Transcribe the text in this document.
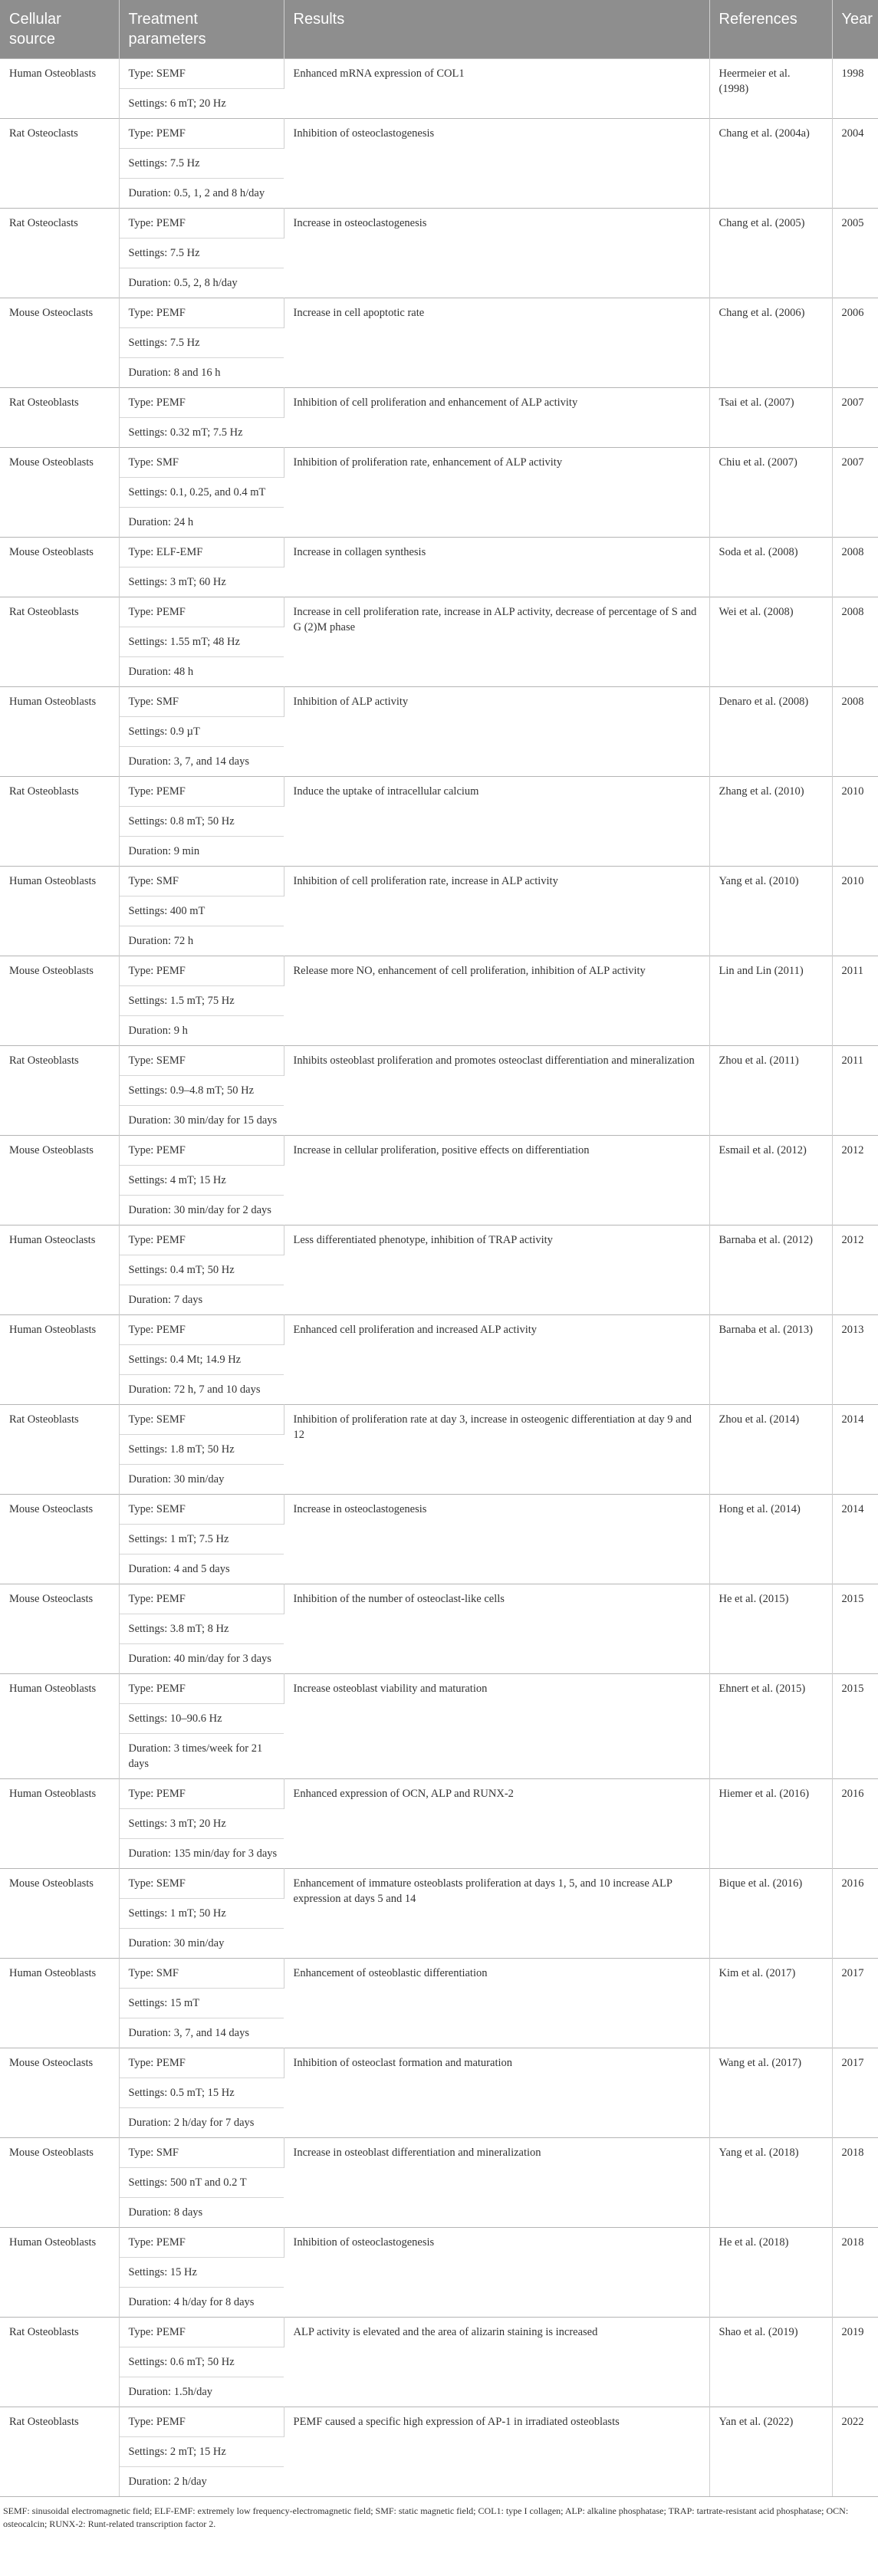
Cellular source	Treatment parameters	Results	References	Year
Human Osteoblasts	Type: SEMF	Enhanced mRNA expression of COL1	Heermeier et al. (1998)	1998
	Settings: 6 mT; 20 Hz			
Rat Osteoclasts	Type: PEMF	Inhibition of osteoclastogenesis	Chang et al. (2004a)	2004
	Settings: 7.5 Hz			
	Duration: 0.5, 1, 2 and 8 h/day			
Rat Osteoclasts	Type: PEMF	Increase in osteoclastogenesis	Chang et al. (2005)	2005
	Settings: 7.5 Hz			
	Duration: 0.5, 2, 8 h/day			
Mouse Osteoclasts	Type: PEMF	Increase in cell apoptotic rate	Chang et al. (2006)	2006
	Settings: 7.5 Hz			
	Duration: 8 and 16 h			
Rat Osteoblasts	Type: PEMF	Inhibition of cell proliferation and enhancement of ALP activity	Tsai et al. (2007)	2007
	Settings: 0.32 mT; 7.5 Hz			
Mouse Osteoblasts	Type: SMF	Inhibition of proliferation rate, enhancement of ALP activity	Chiu et al. (2007)	2007
	Settings: 0.1, 0.25, and 0.4 mT			
	Duration: 24 h			
Mouse Osteoblasts	Type: ELF-EMF	Increase in collagen synthesis	Soda et al. (2008)	2008
	Settings: 3 mT; 60 Hz			
Rat Osteoblasts	Type: PEMF	Increase in cell proliferation rate, increase in ALP activity, decrease of percentage of S and G (2)M phase	Wei et al. (2008)	2008
	Settings: 1.55 mT; 48 Hz			
	Duration: 48 h			
Human Osteoblasts	Type: SMF	Inhibition of ALP activity	Denaro et al. (2008)	2008
	Settings: 0.9 µT			
	Duration: 3, 7, and 14 days			
Rat Osteoblasts	Type: PEMF	Induce the uptake of intracellular calcium	Zhang et al. (2010)	2010
	Settings: 0.8 mT; 50 Hz			
	Duration: 9 min			
Human Osteoblasts	Type: SMF	Inhibition of cell proliferation rate, increase in ALP activity	Yang et al. (2010)	2010
	Settings: 400 mT			
	Duration: 72 h			
Mouse Osteoblasts	Type: PEMF	Release more NO, enhancement of cell proliferation, inhibition of ALP activity	Lin and Lin (2011)	2011
	Settings: 1.5 mT; 75 Hz			
	Duration: 9 h			
Rat Osteoblasts	Type: SEMF	Inhibits osteoblast proliferation and promotes osteoclast differentiation and mineralization	Zhou et al. (2011)	2011
	Settings: 0.9–4.8 mT; 50 Hz			
	Duration: 30 min/day for 15 days			
Mouse Osteoblasts	Type: PEMF	Increase in cellular proliferation, positive effects on differentiation	Esmail et al. (2012)	2012
	Settings: 4 mT; 15 Hz			
	Duration: 30 min/day for 2 days			
Human Osteoclasts	Type: PEMF	Less differentiated phenotype, inhibition of TRAP activity	Barnaba et al. (2012)	2012
	Settings: 0.4 mT; 50 Hz			
	Duration: 7 days			
Human Osteoblasts	Type: PEMF	Enhanced cell proliferation and increased ALP activity	Barnaba et al. (2013)	2013
	Settings: 0.4 Mt; 14.9 Hz			
	Duration: 72 h, 7 and 10 days			
Rat Osteoblasts	Type: SEMF	Inhibition of proliferation rate at day 3, increase in osteogenic differentiation at day 9 and 12	Zhou et al. (2014)	2014
	Settings: 1.8 mT; 50 Hz			
	Duration: 30 min/day			
Mouse Osteoclasts	Type: SEMF	Increase in osteoclastogenesis	Hong et al. (2014)	2014
	Settings: 1 mT; 7.5 Hz			
	Duration: 4 and 5 days			
Mouse Osteoclasts	Type: PEMF	Inhibition of the number of osteoclast-like cells	He et al. (2015)	2015
	Settings: 3.8 mT; 8 Hz			
	Duration: 40 min/day for 3 days			
Human Osteoblasts	Type: PEMF	Increase osteoblast viability and maturation	Ehnert et al. (2015)	2015
	Settings: 10–90.6 Hz			
	Duration: 3 times/week for 21 days			
Human Osteoblasts	Type: PEMF	Enhanced expression of OCN, ALP and RUNX-2	Hiemer et al. (2016)	2016
	Settings: 3 mT; 20 Hz			
	Duration: 135 min/day for 3 days			
Mouse Osteoblasts	Type: SEMF	Enhancement of immature osteoblasts proliferation at days 1, 5, and 10 increase ALP expression at days 5 and 14	Bique et al. (2016)	2016
	Settings: 1 mT; 50 Hz			
	Duration: 30 min/day			
Human Osteoblasts	Type: SMF	Enhancement of osteoblastic differentiation	Kim et al. (2017)	2017
	Settings: 15 mT			
	Duration: 3, 7, and 14 days			
Mouse Osteoclasts	Type: PEMF	Inhibition of osteoclast formation and maturation	Wang et al. (2017)	2017
	Settings: 0.5 mT; 15 Hz			
	Duration: 2 h/day for 7 days			
Mouse Osteoblasts	Type: SMF	Increase in osteoblast differentiation and mineralization	Yang et al. (2018)	2018
	Settings: 500 nT and 0.2 T			
	Duration: 8 days			
Human Osteoblasts	Type: PEMF	Inhibition of osteoclastogenesis	He et al. (2018)	2018
	Settings: 15 Hz			
	Duration: 4 h/day for 8 days			
Rat Osteoblasts	Type: PEMF	ALP activity is elevated and the area of alizarin staining is increased	Shao et al. (2019)	2019
	Settings: 0.6 mT; 50 Hz			
	Duration: 1.5h/day			
Rat Osteoblasts	Type: PEMF	PEMF caused a specific high expression of AP-1 in irradiated osteoblasts	Yan et al. (2022)	2022
	Settings: 2 mT; 15 Hz			
	Duration: 2 h/day			
SEMF: sinusoidal electromagnetic field; ELF-EMF: extremely low frequency-electromagnetic field; SMF: static magnetic field; COL1: type I collagen; ALP: alkaline phosphatase; TRAP: tartrate-resistant acid phosphatase; OCN: osteocalcin; RUNX-2: Runt-related transcription factor 2.
